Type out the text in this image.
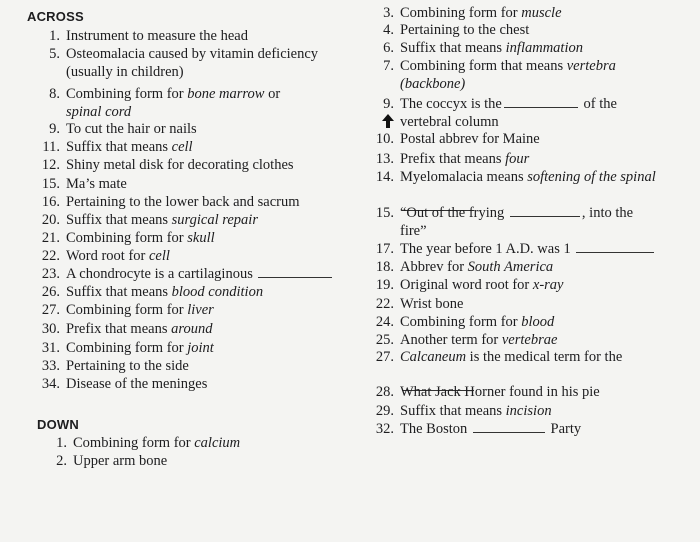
ACROSS
DOWN
1. Instrument to measure the head
5. Osteomalacia caused by vitamin deficiency
(usually in children)
8. Combining form for bone marrow or
spinal cord
9. To cut the hair or nails
11. Suffix that means cell
12. Shiny metal disk for decorating clothes
15. Ma’s mate
16. Pertaining to the lower back and sacrum
20. Suffix that means surgical repair
21. Combining form for skull
22. Word root for cell
23. A chondrocyte is a cartilaginous
26. Suffix that means blood condition
27. Combining form for liver
30. Prefix that means around
31. Combining form for joint
33. Pertaining to the side
34. Disease of the meninges
1. Combining form for calcium
2. Upper arm bone
3. Combining form for muscle
4. Pertaining to the chest
6. Suffix that means inflammation
7. Combining form that means vertebra
(backbone)
9. The coccyx is the	of the
vertebral column
10. Postal abbrev for Maine
13. Prefix that means four
14. Myelomalacia means softening of the spinal
15. “Out of the frying	, into the
fire”
17. The year before 1 A.D. was 1
18. Abbrev for South America
19. Original word root for x-ray
22. Wrist bone
24. Combining form for blood
25. Another term for vertebrae
27. Calcaneum is the medical term for the
28. What Jack Horner found in his pie
29. Suffix that means incision
32. The Boston	Party
